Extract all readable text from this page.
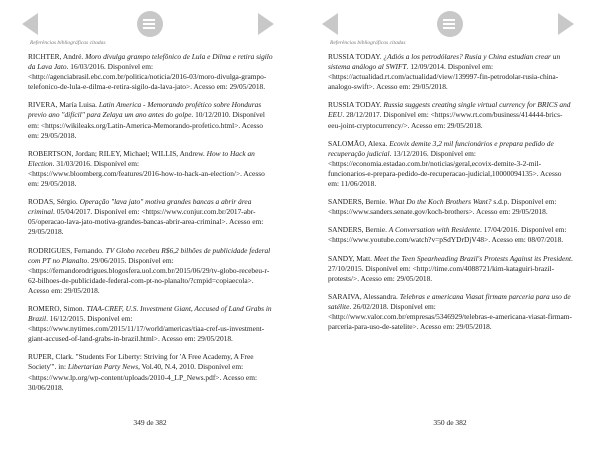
Referências bibliográficas citadas

RICHTER, André. Moro divulga grampo telefônico de Lula e Dilma e retira sigilo da Lava Jato. 16/03/2016. Disponível em: <http://agenciabrasil.ebc.com.br/politica/noticia/2016-03/moro-divulga-grampo-telefonico-de-lula-e-dilma-e-retira-sigilo-da-lava-jato>. Acesso em: 29/05/2018.

RIVERA, María Luisa. Latin America - Memorando profético sobre Honduras previo ano "difícil" para Zelaya um ano antes do golpe. 10/12/2010. Disponível em: <https://wikileaks.org/Latin-America-Memorando-profetico.html>. Acesso em: 29/05/2018.

ROBERTSON, Jordan; RILEY, Michael; WILLIS, Andrew. How to Hack an Election. 31/03/2016. Disponível em: <https://www.bloomberg.com/features/2016-how-to-hack-an-election/>. Acesso em: 29/05/2018.

RODAS, Sérgio. Operação "lava jato" motiva grandes bancas a abrir área criminal. 05/04/2017. Disponível em: <https://www.conjur.com.br/2017-abr-05/operacao-lava-jato-motiva-grandes-bancas-abrir-area-criminal>. Acesso em: 29/05/2018.

RODRIGUES, Fernando. TV Globo recebeu R$6,2 bilhões de publicidade federal com PT no Planalto. 29/06/2015. Disponível em: <https://fernandorodrigues.blogosfera.uol.com.br/2015/06/29/tv-globo-recebeu-r-62-bilhoes-de-publicidade-federal-com-pt-no-planalto/?cmpid=copiaecola>. Acesso em: 29/05/2018.

ROMERO, Simon. TIAA-CREF, U.S. Investment Giant, Accused of Land Grabs in Brazil. 16/12/2015. Disponível em: <https://www.nytimes.com/2015/11/17/world/americas/tiaa-cref-us-investment-giant-accused-of-land-grabs-in-brazil.html>. Acesso em: 29/05/2018.

RUPER, Clark. "Students For Liberty: Striving for 'A Free Academy, A Free Society'". in: Libertarian Party News, Vol.40, N.4, 2010. Disponível em: <https://www.lp.org/wp-content/uploads/2010-4_LP_News.pdf>. Acesso em: 30/06/2018.

349 de 382
Referências bibliográficas citadas

RUSSIA TODAY. ¿Adiós a los petrodólares? Rusia y China estudian crear un sistema análogo al SWIFT. 12/09/2014. Disponível em: <https://actualidad.rt.com/actualidad/view/139997-fin-petrodolar-rusia-china-analogo-swift>. Acesso em: 29/05/2018.

RUSSIA TODAY. Russia suggests creating single virtual currency for BRICS and EEU. 28/12/2017. Disponível em: <https://www.rt.com/business/414444-brics-eeu-joint-cryptocurrency/>. Acesso em: 29/05/2018.

SALOMÃO, Alexa. Ecovix demite 3,2 mil funcionários e prepara pedido de recuperação judicial. 13/12/2016. Disponível em: <https://economia.estadao.com.br/noticias/geral,ecovix-demite-3-2-mil-funcionarios-e-prepara-pedido-de-recuperacao-judicial,10000094135>. Acesso em: 11/06/2018.

SANDERS, Bernie. What Do the Koch Brothers Want? s.d.p. Disponível em: <https://www.sanders.senate.gov/koch-brothers>. Acesso em: 29/05/2018.

SANDERS, Bernie. A Conversation with Residente. 17/04/2016. Disponível em: <https://www.youtube.com/watch?v=pSdYDrDjV48>. Acesso em: 08/07/2018.

SANDY, Matt. Meet the Teen Spearheading Brazil's Protests Against its President. 27/10/2015. Disponível em: <http://time.com/4088721/kim-kataguiri-brazil-protests/>. Acesso em: 29/05/2018.

SARAIVA, Alessandra. Telebras e americana Viasat firmam parceria para uso de satélite. 26/02/2018. Disponível em: <http://www.valor.com.br/empresas/5346929/telebras-e-americana-viasat-firmam-parceria-para-uso-de-satelite>. Acesso em: 29/05/2018.

350 de 382
